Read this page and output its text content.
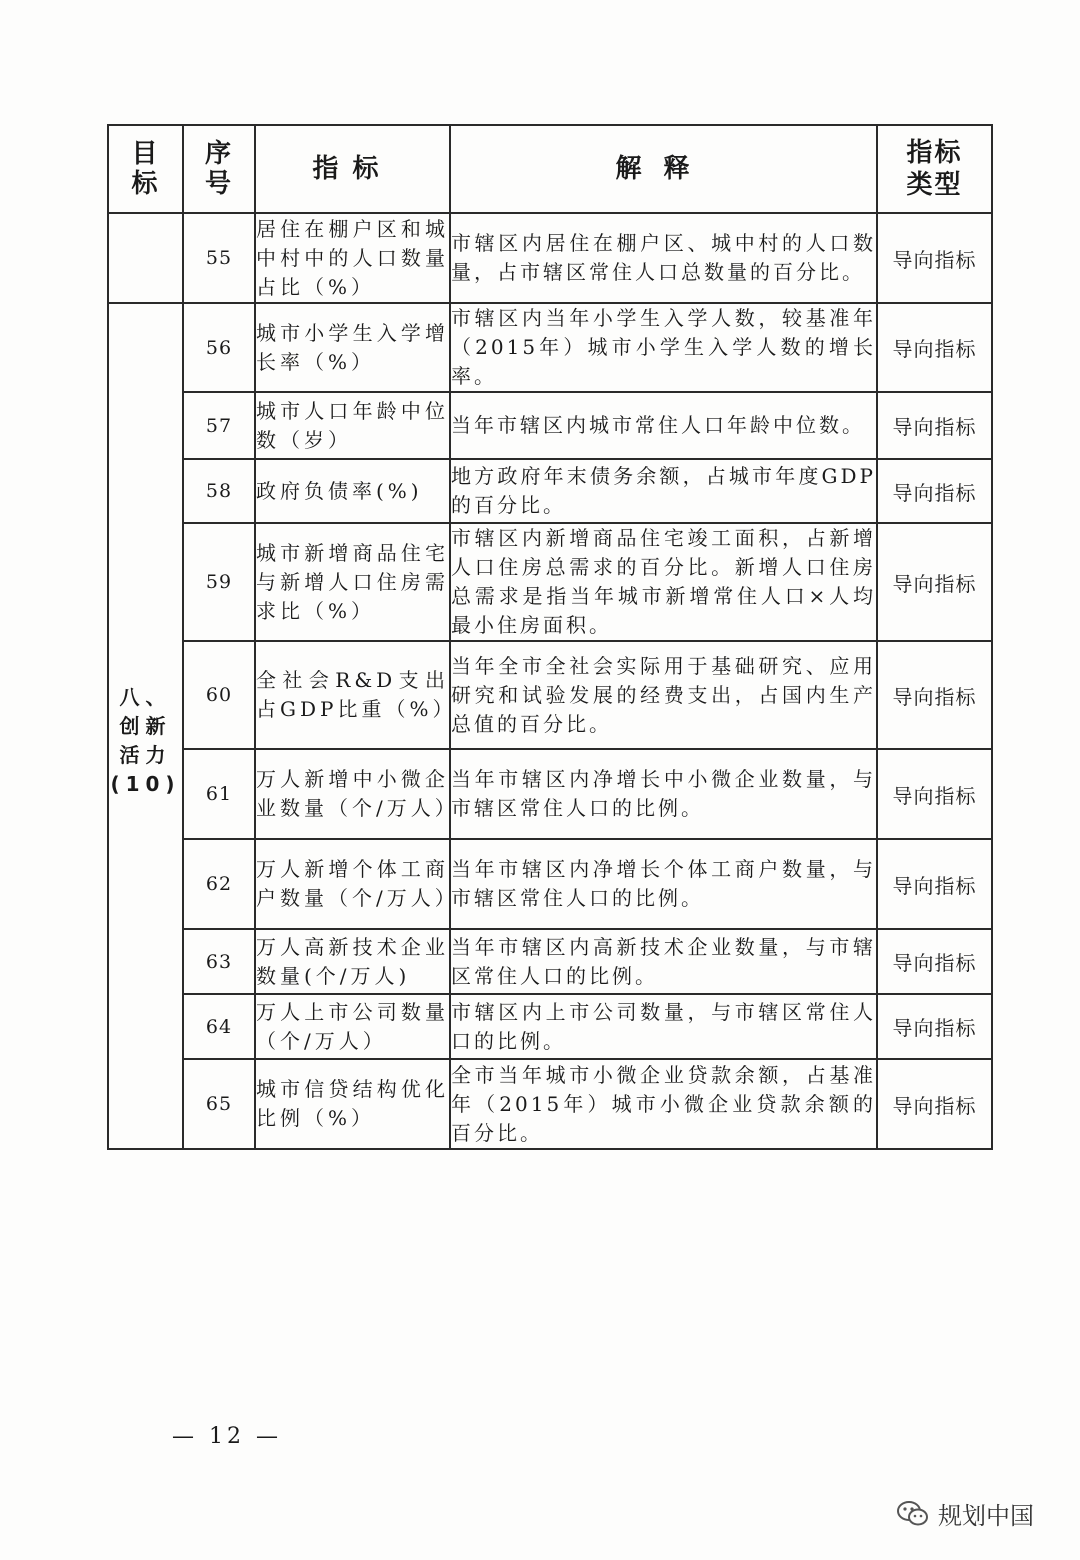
目标	序号	指标	解释	指标类型
	55	居住在棚户区和城中村中的人口数量占比（%）	市辖区内居住在棚户区、城中村的人口数量，占市辖区常住人口总数量的百分比。	导向指标
八、创新活力(10)	56	城市小学生入学增长率（%）	市辖区内当年小学生入学人数，较基准年（2015年）城市小学生入学人数的增长率。	导向指标
	57	城市人口年龄中位数（岁）	当年市辖区内城市常住人口年龄中位数。	导向指标
	58	政府负债率(%)	地方政府年末债务余额，占城市年度GDP的百分比。	导向指标
	59	城市新增商品住宅与新增人口住房需求比（%）	市辖区内新增商品住宅竣工面积，占新增人口住房总需求的百分比。新增人口住房总需求是指当年城市新增常住人口×人均最小住房面积。	导向指标
	60	全社会R&D支出占GDP比重（%）	当年全市全社会实际用于基础研究、应用研究和试验发展的经费支出，占国内生产总值的百分比。	导向指标
	61	万人新增中小微企业数量（个/万人）	当年市辖区内净增长中小微企业数量，与市辖区常住人口的比例。	导向指标
	62	万人新增个体工商户数量（个/万人）	当年市辖区内净增长个体工商户数量，与市辖区常住人口的比例。	导向指标
	63	万人高新技术企业数量(个/万人)	当年市辖区内高新技术企业数量，与市辖区常住人口的比例。	导向指标
	64	万人上市公司数量（个/万人）	市辖区内上市公司数量，与市辖区常住人口的比例。	导向指标
	65	城市信贷结构优化比例（%）	全市当年城市小微企业贷款余额，占基准年（2015年）城市小微企业贷款余额的百分比。	导向指标
— 12 —
规划中国
